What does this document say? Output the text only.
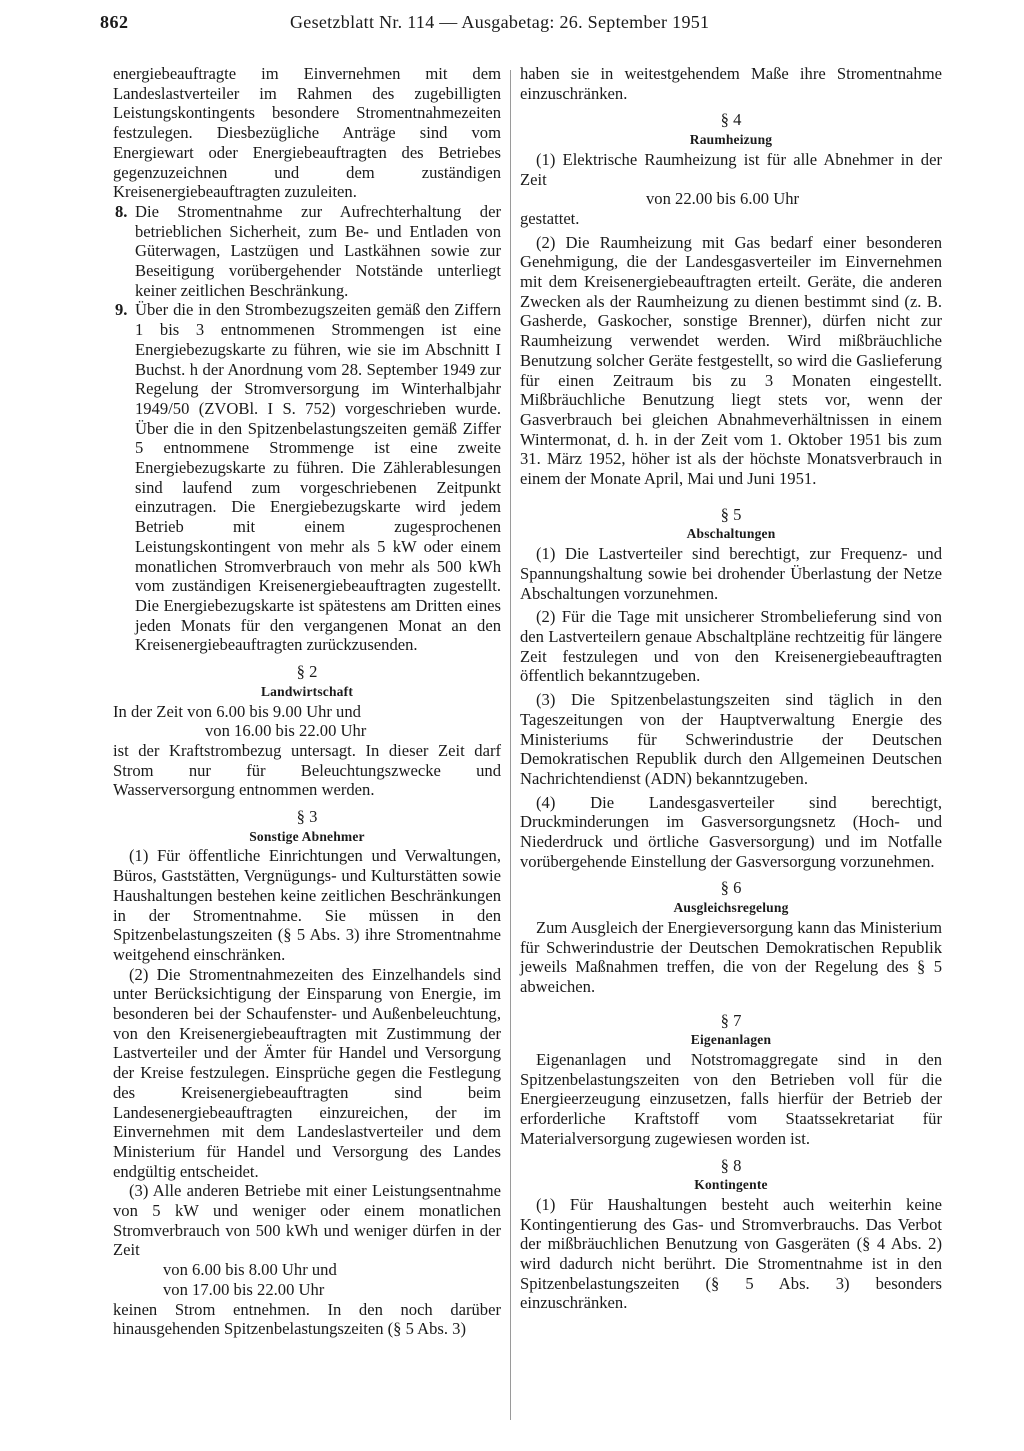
862	Gesetzblatt Nr. 114 — Ausgabetag: 26. September 1951

energiebeauftragte im Einvernehmen mit dem Landeslastverteiler im Rahmen des zugebilligten Leistungskontingents besondere Stromentnahmezeiten festzulegen. Diesbezügliche Anträge sind vom Energiewart oder Energiebeauftragten des Betriebes gegenzuzeichnen und dem zuständigen Kreisenergiebeauftragten zuzuleiten.

8. Die Stromentnahme zur Aufrechterhaltung der betrieblichen Sicherheit, zum Be- und Entladen von Güterwagen, Lastzügen und Lastkähnen sowie zur Beseitigung vorübergehender Notstände unterliegt keiner zeitlichen Beschränkung.
9. Über die in den Strombezugszeiten gemäß den Ziffern 1 bis 3 entnommenen Strommengen ist eine Energiebezugskarte zu führen, wie sie im Abschnitt I Buchst. h der Anordnung vom 28. September 1949 zur Regelung der Stromversorgung im Winterhalbjahr 1949/50 (ZVOBl. I S. 752) vorgeschrieben wurde. Über die in den Spitzenbelastungszeiten gemäß Ziffer 5 entnommene Strommenge ist eine zweite Energiebezugskarte zu führen. Die Zählerablesungen sind laufend zum vorgeschriebenen Zeitpunkt einzutragen. Die Energiebezugskarte wird jedem Betrieb mit einem zugesprochenen Leistungskontingent von mehr als 5 kW oder einem monatlichen Stromverbrauch von mehr als 500 kWh vom zuständigen Kreisenergiebeauftragten zugestellt. Die Energiebezugskarte ist spätestens am Dritten eines jeden Monats für den vergangenen Monat an den Kreisenergiebeauftragten zurückzusenden.
§ 2
Landwirtschaft

In der Zeit von 6.00 bis 9.00 Uhr und

von 16.00 bis 22.00 Uhr

ist der Kraftstrombezug untersagt. In dieser Zeit darf Strom nur für Beleuchtungszwecke und Wasserversorgung entnommen werden.

§ 3
Sonstige Abnehmer

(1) Für öffentliche Einrichtungen und Verwaltungen, Büros, Gaststätten, Vergnügungs- und Kulturstätten sowie Haushaltungen bestehen keine zeitlichen Beschränkungen in der Stromentnahme. Sie müssen in den Spitzenbelastungszeiten (§ 5 Abs. 3) ihre Stromentnahme weitgehend einschränken.

(2) Die Stromentnahmezeiten des Einzelhandels sind unter Berücksichtigung der Einsparung von Energie, im besonderen bei der Schaufenster- und Außenbeleuchtung, von den Kreisenergiebeauftragten mit Zustimmung der Lastverteiler und der Ämter für Handel und Versorgung der Kreise festzulegen. Einsprüche gegen die Festlegung des Kreisenergiebeauftragten sind beim Landesenergiebeauftragten einzureichen, der im Einvernehmen mit dem Landeslastverteiler und dem Ministerium für Handel und Versorgung des Landes endgültig entscheidet.

(3) Alle anderen Betriebe mit einer Leistungsentnahme von 5 kW und weniger oder einem monatlichen Stromverbrauch von 500 kWh und weniger dürfen in der Zeit

von 6.00 bis 8.00 Uhr und

von 17.00 bis 22.00 Uhr

keinen Strom entnehmen. In den noch darüber hinausgehenden Spitzenbelastungszeiten (§ 5 Abs. 3)

haben sie in weitestgehendem Maße ihre Stromentnahme einzuschränken.

§ 4
Raumheizung

(1) Elektrische Raumheizung ist für alle Abnehmer in der Zeit

von 22.00 bis 6.00 Uhr

gestattet.

(2) Die Raumheizung mit Gas bedarf einer besonderen Genehmigung, die der Landesgasverteiler im Einvernehmen mit dem Kreisenergiebeauftragten erteilt. Geräte, die anderen Zwecken als der Raumheizung zu dienen bestimmt sind (z. B. Gasherde, Gaskocher, sonstige Brenner), dürfen nicht zur Raumheizung verwendet werden. Wird mißbräuchliche Benutzung solcher Geräte festgestellt, so wird die Gaslieferung für einen Zeitraum bis zu 3 Monaten eingestellt. Mißbräuchliche Benutzung liegt stets vor, wenn der Gasverbrauch bei gleichen Abnahmeverhältnissen in einem Wintermonat, d. h. in der Zeit vom 1. Oktober 1951 bis zum 31. März 1952, höher ist als der höchste Monatsverbrauch in einem der Monate April, Mai und Juni 1951.

§ 5
Abschaltungen

(1) Die Lastverteiler sind berechtigt, zur Frequenz- und Spannungshaltung sowie bei drohender Überlastung der Netze Abschaltungen vorzunehmen.

(2) Für die Tage mit unsicherer Strombelieferung sind von den Lastverteilern genaue Abschaltpläne rechtzeitig für längere Zeit festzulegen und von den Kreisenergiebeauftragten öffentlich bekanntzugeben.

(3) Die Spitzenbelastungszeiten sind täglich in den Tageszeitungen von der Hauptverwaltung Energie des Ministeriums für Schwerindustrie der Deutschen Demokratischen Republik durch den Allgemeinen Deutschen Nachrichtendienst (ADN) bekanntzugeben.

(4) Die Landesgasverteiler sind berechtigt, Druckminderungen im Gasversorgungsnetz (Hoch- und Niederdruck und örtliche Gasversorgung) und im Notfalle vorübergehende Einstellung der Gasversorgung vorzunehmen.

§ 6
Ausgleichsregelung

Zum Ausgleich der Energieversorgung kann das Ministerium für Schwerindustrie der Deutschen Demokratischen Republik jeweils Maßnahmen treffen, die von der Regelung des § 5 abweichen.

§ 7
Eigenanlagen

Eigenanlagen und Notstromaggregate sind in den Spitzenbelastungszeiten von den Betrieben voll für die Energieerzeugung einzusetzen, falls hierfür der Betrieb der erforderliche Kraftstoff vom Staatssekretariat für Materialversorgung zugewiesen worden ist.

§ 8
Kontingente

(1) Für Haushaltungen besteht auch weiterhin keine Kontingentierung des Gas- und Stromverbrauchs. Das Verbot der mißbräuchlichen Benutzung von Gasgeräten (§ 4 Abs. 2) wird dadurch nicht berührt. Die Stromentnahme ist in den Spitzenbelastungszeiten (§ 5 Abs. 3) besonders einzuschränken.
